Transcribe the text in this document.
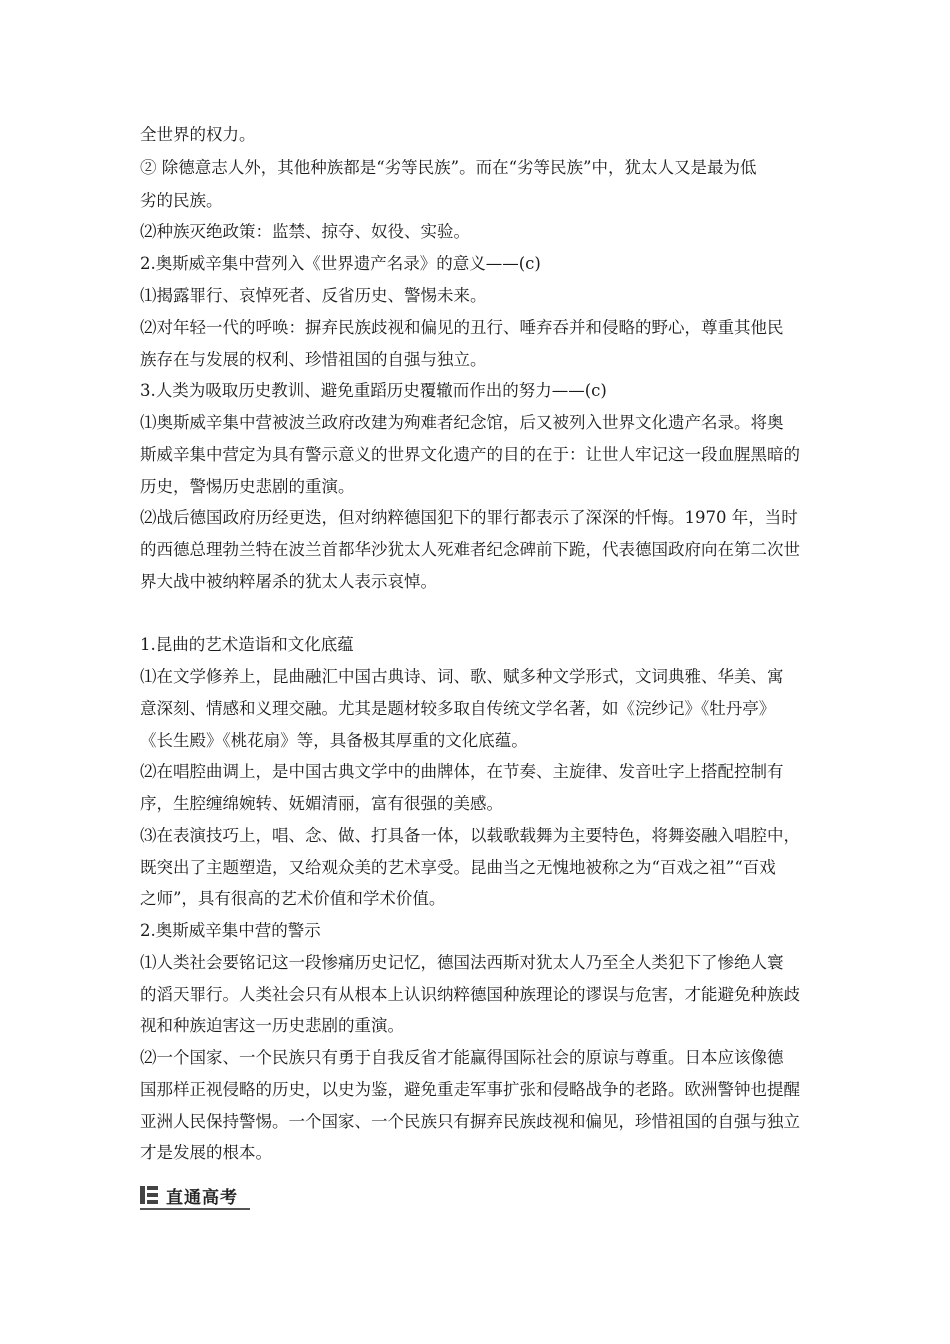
全世界的权力。
② 除德意志人外，其他种族都是“劣等民族”。而在“劣等民族”中，犹太人又是最为低
劣的民族。
⑵种族灭绝政策：监禁、掠夺、奴役、实验。
2.奥斯威辛集中营列入《世界遗产名录》的意义——(c)
⑴揭露罪行、哀悼死者、反省历史、警惕未来。
⑵对年轻一代的呼唤：摒弃民族歧视和偏见的丑行、唾弃吞并和侵略的野心，尊重其他民
族存在与发展的权利、珍惜祖国的自强与独立。
3.人类为吸取历史教训、避免重蹈历史覆辙而作出的努力——(c)
⑴奥斯威辛集中营被波兰政府改建为殉难者纪念馆，后又被列入世界文化遗产名录。将奥
斯威辛集中营定为具有警示意义的世界文化遗产的目的在于：让世人牢记这一段血腥黑暗的
历史，警惕历史悲剧的重演。
⑵战后德国政府历经更迭，但对纳粹德国犯下的罪行都表示了深深的忏悔。1970 年，当时
的西德总理勃兰特在波兰首都华沙犹太人死难者纪念碑前下跪，代表德国政府向在第二次世
界大战中被纳粹屠杀的犹太人表示哀悼。
1.昆曲的艺术造诣和文化底蕴
⑴在文学修养上，昆曲融汇中国古典诗、词、歌、赋多种文学形式，文词典雅、华美、寓
意深刻、情感和义理交融。尤其是题材较多取自传统文学名著，如《浣纱记》《牡丹亭》
《长生殿》《桃花扇》等，具备极其厚重的文化底蕴。
⑵在唱腔曲调上，是中国古典文学中的曲牌体，在节奏、主旋律、发音吐字上搭配控制有
序，生腔缠绵婉转、妩媚清丽，富有很强的美感。
⑶在表演技巧上，唱、念、做、打具备一体，以载歌载舞为主要特色，将舞姿融入唱腔中，
既突出了主题塑造，又给观众美的艺术享受。昆曲当之无愧地被称之为“百戏之祖”“百戏
之师”，具有很高的艺术价值和学术价值。
2.奥斯威辛集中营的警示
⑴人类社会要铭记这一段惨痛历史记忆，德国法西斯对犹太人乃至全人类犯下了惨绝人寰
的滔天罪行。人类社会只有从根本上认识纳粹德国种族理论的谬误与危害，才能避免种族歧
视和种族迫害这一历史悲剧的重演。
⑵一个国家、一个民族只有勇于自我反省才能赢得国际社会的原谅与尊重。日本应该像德
国那样正视侵略的历史，以史为鉴，避免重走军事扩张和侵略战争的老路。欧洲警钟也提醒
亚洲人民保持警惕。一个国家、一个民族只有摒弃民族歧视和偏见，珍惜祖国的自强与独立
才是发展的根本。
直通高考
